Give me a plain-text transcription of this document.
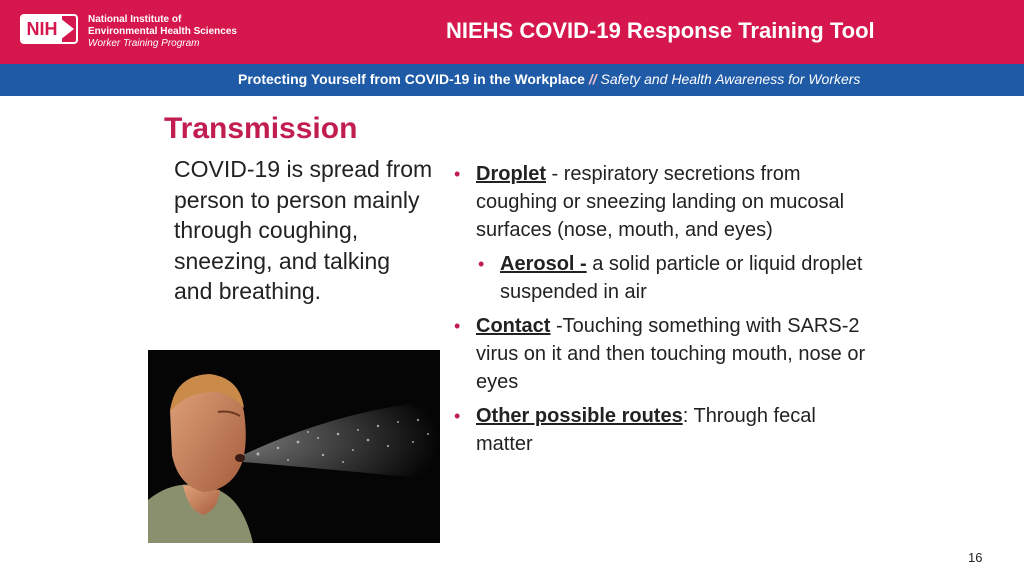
NIH	National Institute of
Environmental Health Sciences
Worker Training Program
NIEHS COVID-19 Response Training Tool
Protecting Yourself from COVID-19 in the Workplace // Safety and Health Awareness for Workers
Transmission
COVID-19 is spread from person to person mainly through coughing, sneezing, and talking and breathing.
• Droplet - respiratory secretions from coughing or sneezing landing on mucosal surfaces (nose, mouth, and eyes)
• Aerosol - a solid particle or liquid droplet suspended in air
• Contact -Touching something with SARS-2 virus on it and then touching mouth, nose or eyes
• Other possible routes: Through fecal matter
16
